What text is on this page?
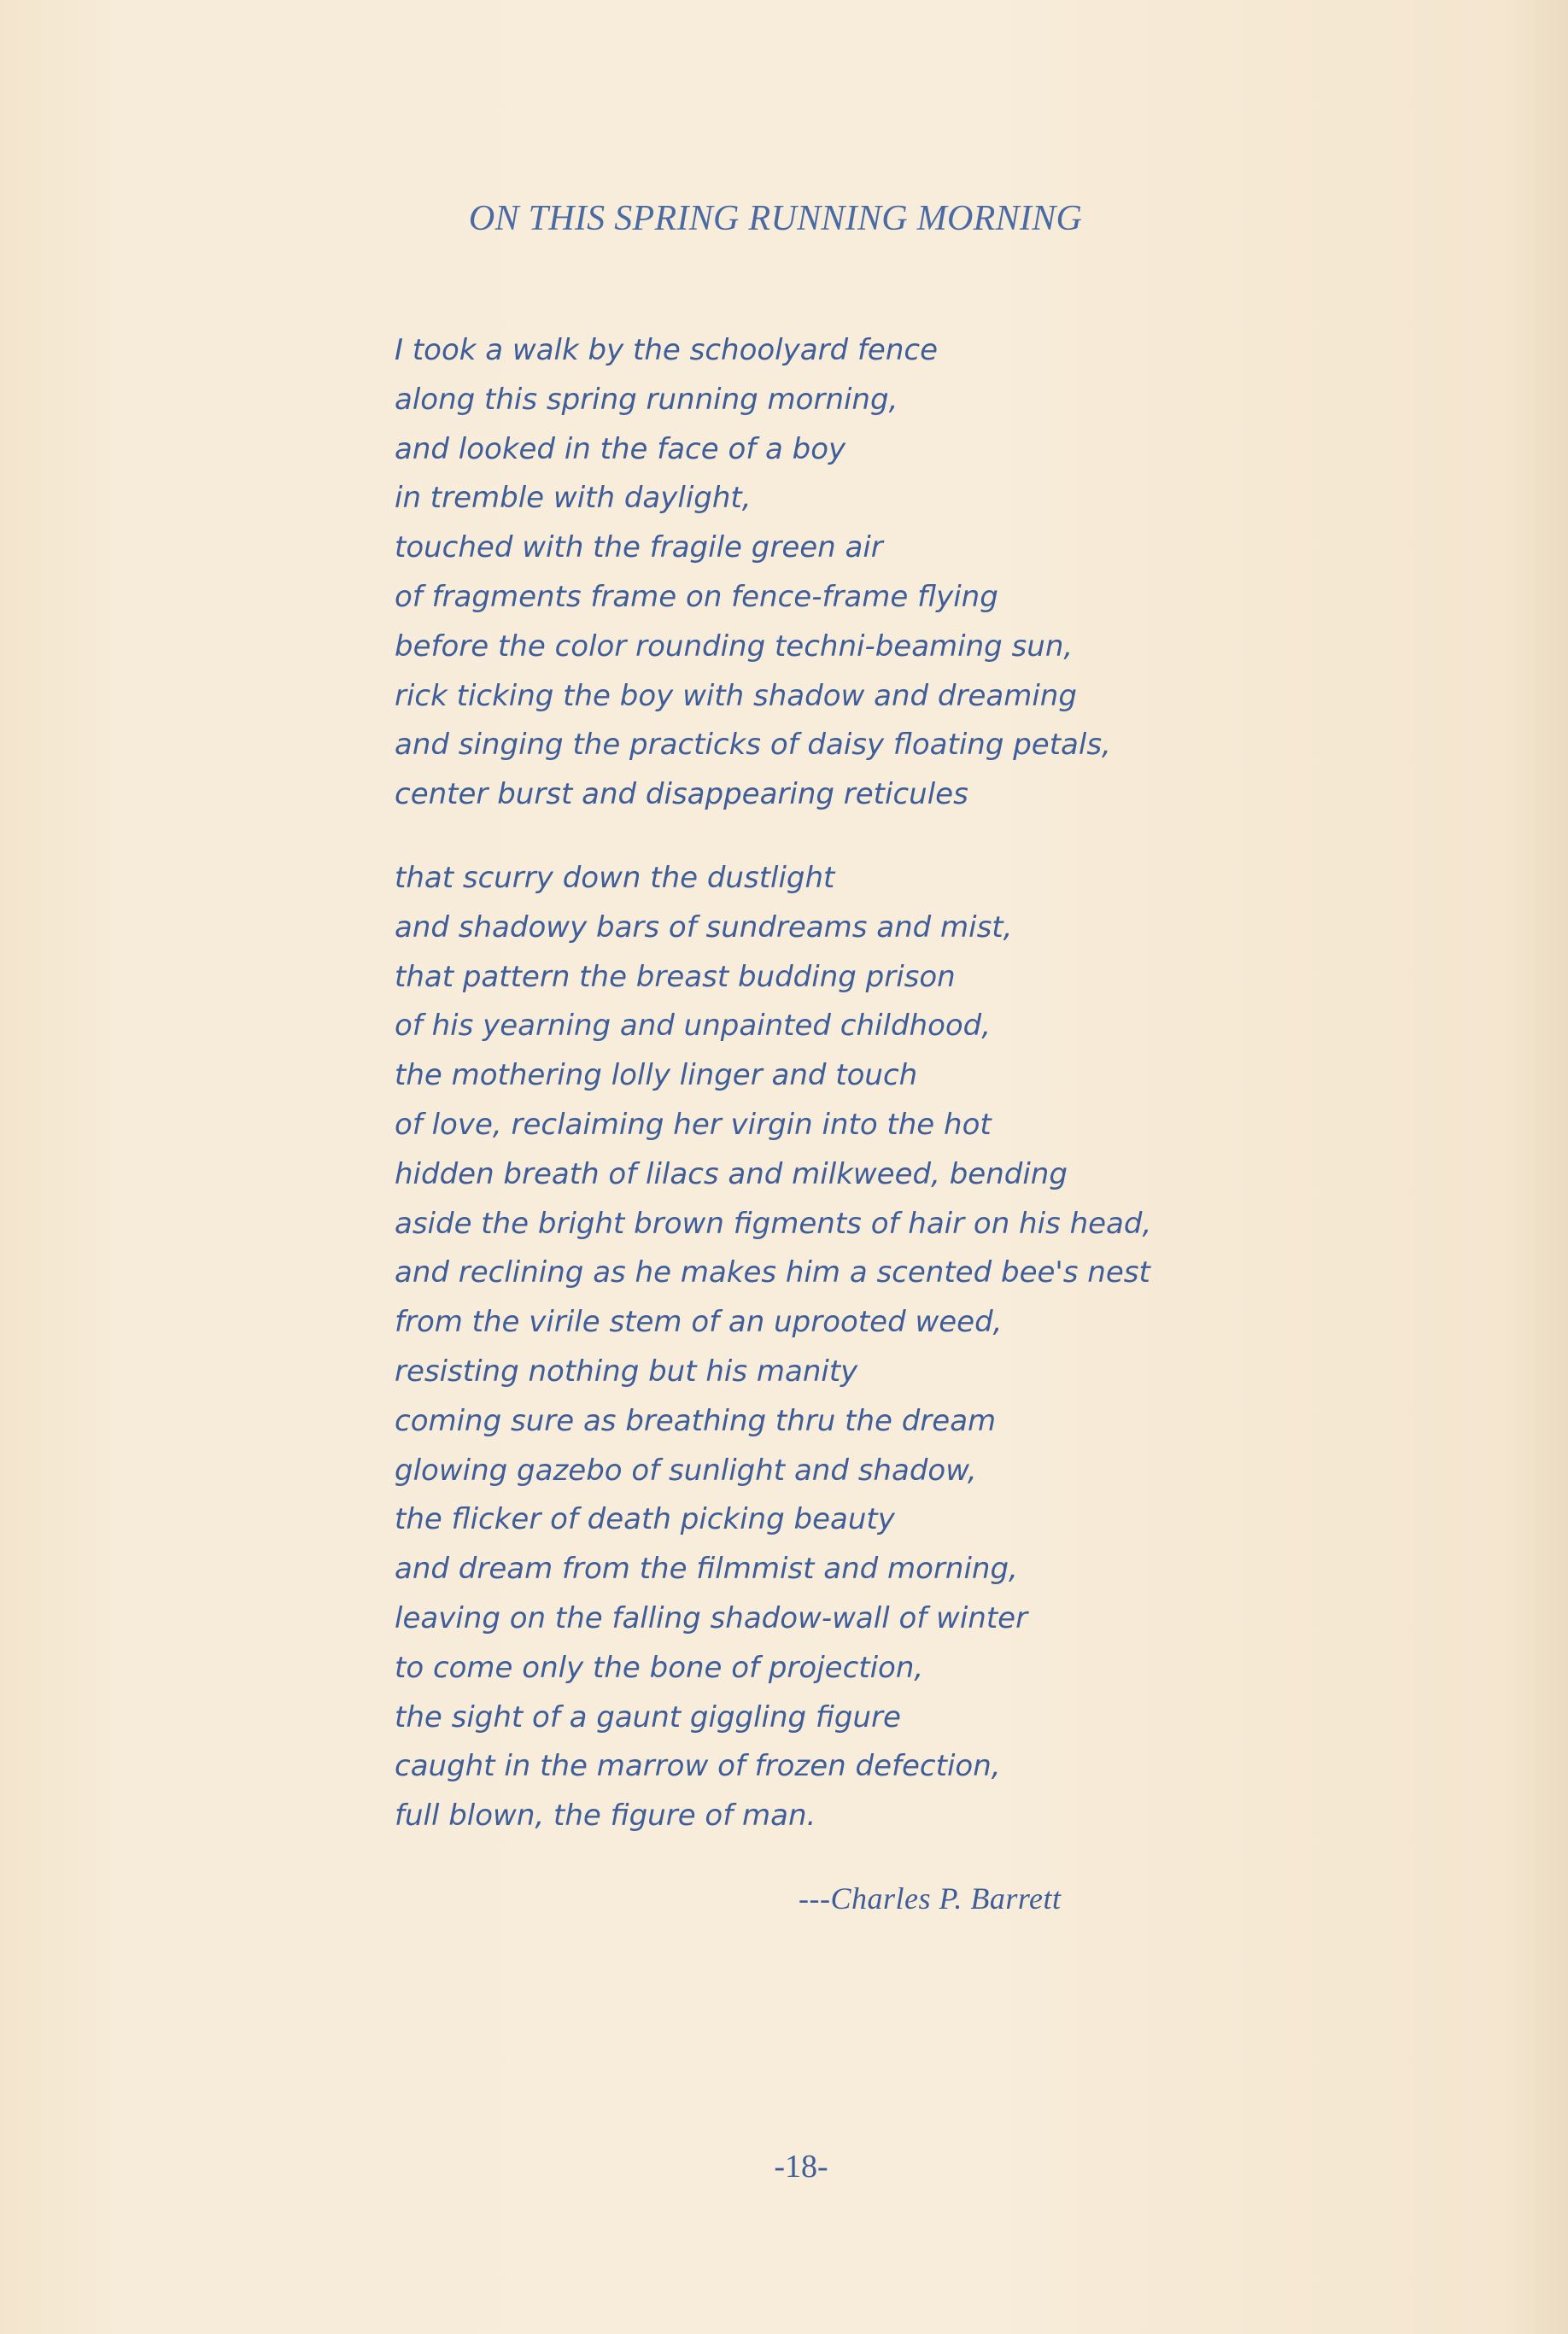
ON THIS SPRING RUNNING MORNING
I took a walk by the schoolyard fence
along this spring running morning,
and looked in the face of a boy
in tremble with daylight,
touched with the fragile green air
of fragments frame on fence-frame flying
before the color rounding techni-beaming sun,
rick ticking the boy with shadow and dreaming
and singing the practicks of daisy floating petals,
center burst and disappearing reticules
that scurry down the dustlight
and shadowy bars of sundreams and mist,
that pattern the breast budding prison
of his yearning and unpainted childhood,
the mothering lolly linger and touch
of love, reclaiming her virgin into the hot
hidden breath of lilacs and milkweed, bending
aside the bright brown figments of hair on his head,
and reclining as he makes him a scented bee's nest
from the virile stem of an uprooted weed,
resisting nothing but his manity
coming sure as breathing thru the dream
glowing gazebo of sunlight and shadow,
the flicker of death picking beauty
and dream from the filmmist and morning,
leaving on the falling shadow-wall of winter
to come only the bone of projection,
the sight of a gaunt giggling figure
caught in the marrow of frozen defection,
full blown, the figure of man.
---Charles P. Barrett
-18-
